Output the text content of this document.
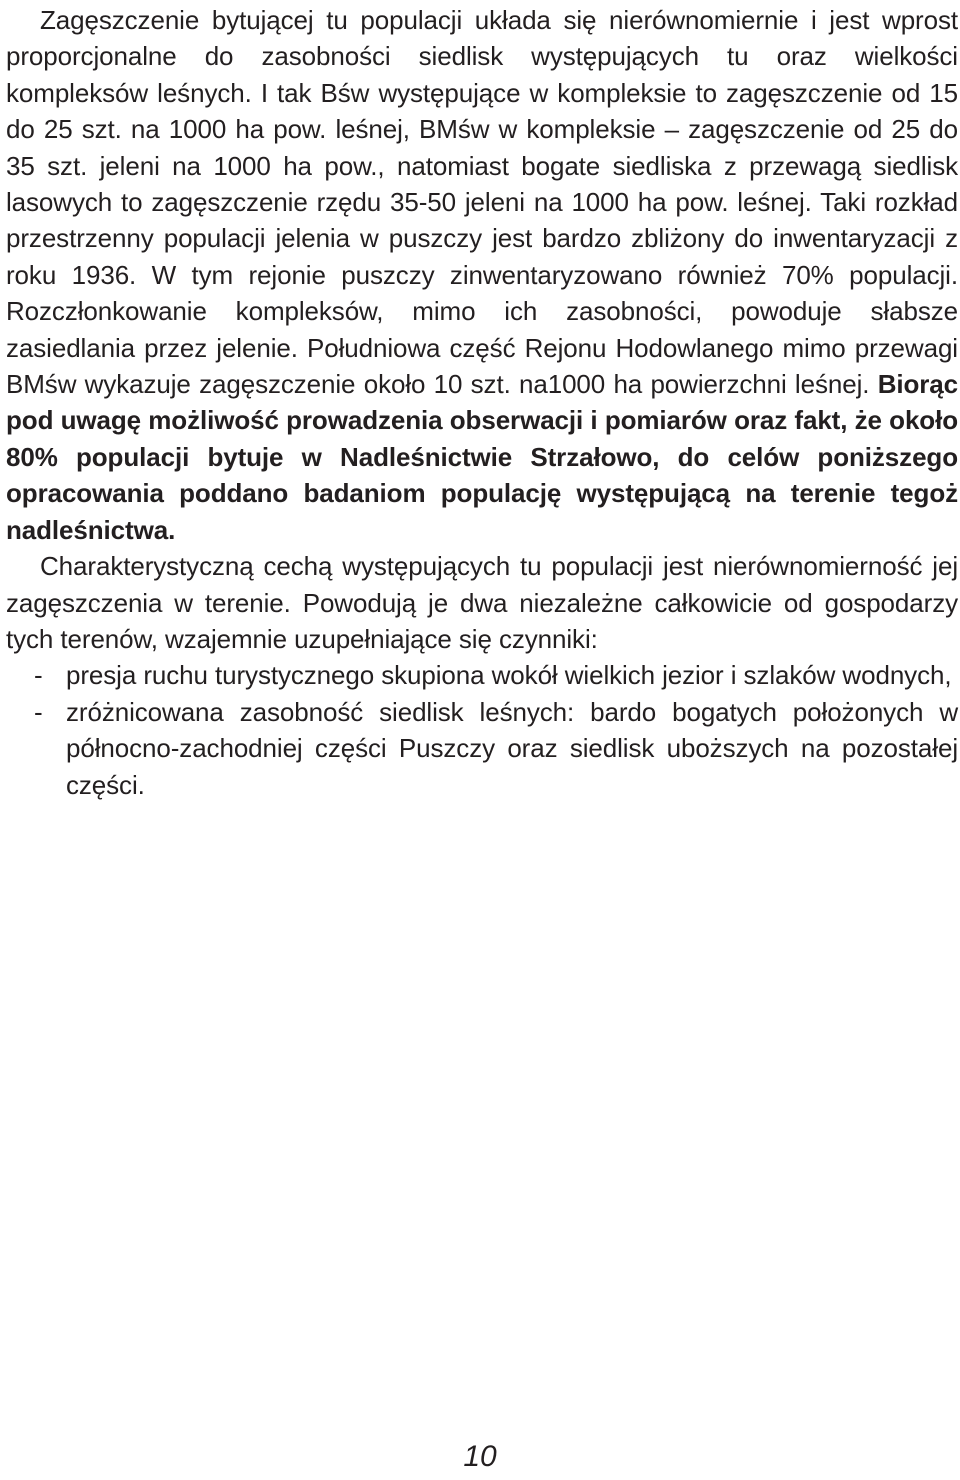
Zagęszczenie bytującej tu populacji układa się nierównomiernie i jest wprost proporcjonalne do zasobności siedlisk występujących tu oraz wielkości kompleksów leśnych. I tak Bśw występujące w kompleksie to zagęszczenie od 15 do 25 szt. na 1000 ha pow. leśnej, BMśw w kompleksie – zagęszczenie od 25 do 35 szt. jeleni na 1000 ha pow., natomiast bogate siedliska z przewagą siedlisk lasowych to zagęszczenie rzędu 35-50 jeleni na 1000 ha pow. leśnej. Taki rozkład przestrzenny populacji jelenia w puszczy jest bardzo zbliżony do inwentaryzacji z roku 1936. W tym rejonie puszczy zinwentaryzowano również 70% populacji. Rozczłonkowanie kompleksów, mimo ich zasobności, powoduje słabsze zasiedlania przez jelenie. Południowa część Rejonu Hodowlanego mimo przewagi BMśw wykazuje zagęszczenie około 10 szt. na1000 ha powierzchni leśnej. Biorąc pod uwagę możliwość prowadzenia obserwacji i pomiarów oraz fakt, że około 80% populacji bytuje w Nadleśnictwie Strzałowo, do celów poniższego opracowania poddano badaniom populację występującą na terenie tegoż nadleśnictwa.

Charakterystyczną cechą występujących tu populacji jest nierównomierność jej zagęszczenia w terenie. Powodują je dwa niezależne całkowicie od gospodarzy tych terenów, wzajemnie uzupełniające się czynniki:

- presja ruchu turystycznego skupiona wokół wielkich jezior i szlaków wodnych,
- zróżnicowana zasobność siedlisk leśnych: bardo bogatych położonych w północno-zachodniej części Puszczy oraz siedlisk uboższych na pozostałej części.
10
